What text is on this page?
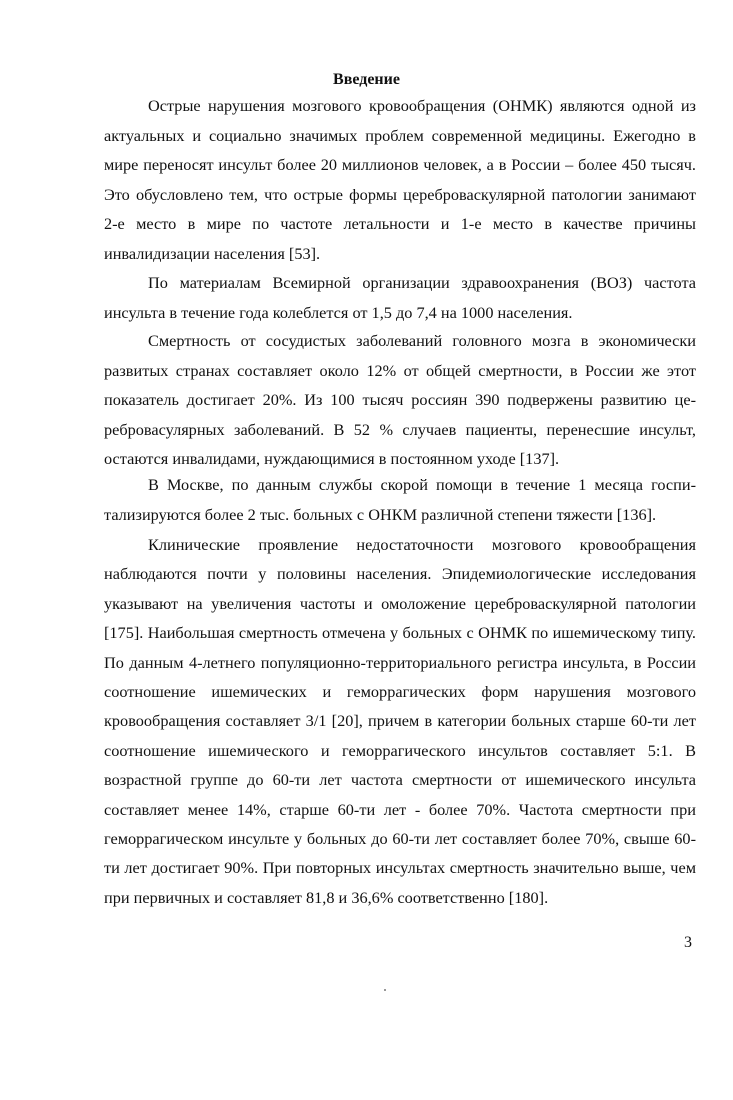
Введение

Острые нарушения мозгового кровообращения (ОНМК) являются одной из актуальных и социально значимых проблем современной медицины. Ежегодно в мире переносят инсульт более 20 миллионов человек, а в России – более 450 тысяч. Это обусловлено тем, что острые формы цереброваскулярной патологии занимают 2-е место в мире по частоте летальности и 1-е место в качестве причины инвалидизации населения [53].

По материалам Всемирной организации здравоохранения (ВОЗ) частота инсульта в течение года колеблется от 1,5 до 7,4 на 1000 населения.

Смертность от сосудистых заболеваний головного мозга в экономически развитых странах составляет около 12% от общей смертности, в России же этот показатель достигает 20%. Из 100 тысяч россиян 390 подвержены развитию церебровасулярных заболеваний. В 52 % случаев пациенты, перенесшие инсульт, остаются инвалидами, нуждающимися в постоянном уходе [137].

В Москве, по данным службы скорой помощи в течение 1 месяца госпитализируются более 2 тыс. больных с ОНКМ различной степени тяжести [136].

Клинические проявление недостаточности мозгового кровообращения наблюдаются почти у половины населения. Эпидемиологические исследования указывают на увеличения частоты и омоложение цереброваскулярной патологии [175]. Наибольшая смертность отмечена у больных с ОНМК по ишемическому типу. По данным 4-летнего популяционно-территориального регистра инсульта, в России соотношение ишемических и геморрагических форм нарушения мозгового кровообращения составляет 3/1 [20], причем в категории больных старше 60-ти лет соотношение ишемического и геморрагического инсультов составляет 5:1. В возрастной группе до 60-ти лет частота смертности от ишемического инсульта составляет менее 14%, старше 60-ти лет - более 70%. Частота смертности при геморрагическом инсульте у больных до 60-ти лет составляет более 70%, свыше 60-ти лет достигает 90%. При повторных инсультах смертность значительно выше, чем при первичных и составляет 81,8 и 36,6% соответственно [180].

3
